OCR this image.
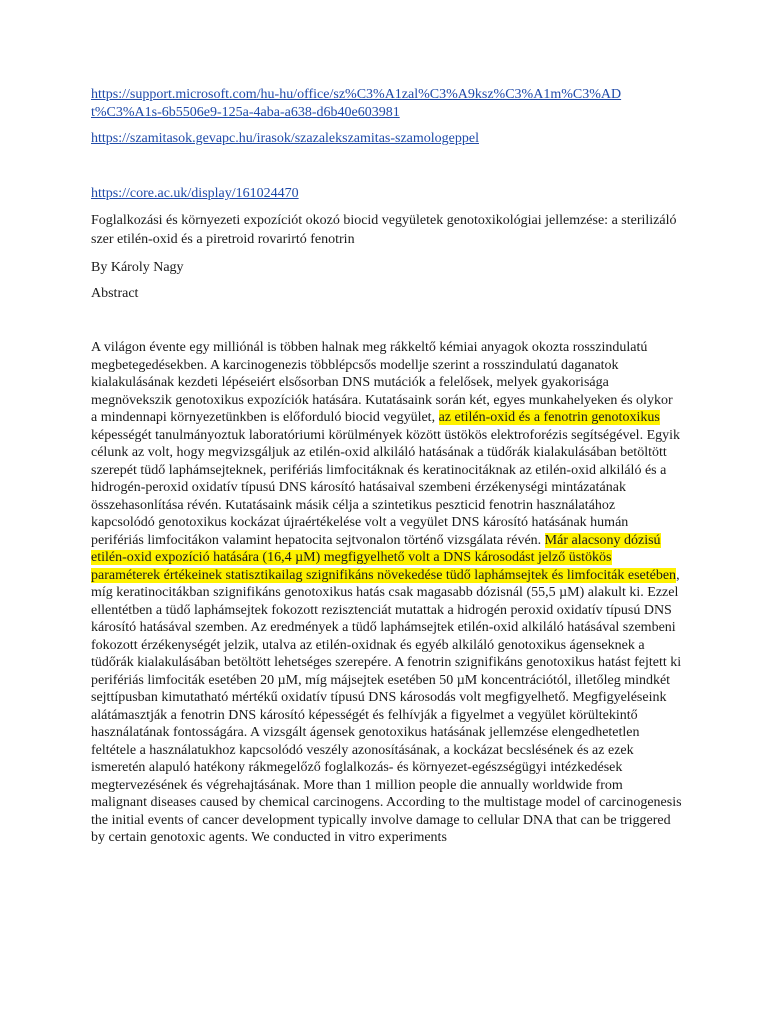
https://support.microsoft.com/hu-hu/office/sz%C3%A1zal%C3%A9ksz%C3%A1m%C3%ADt%C3%A1s-6b5506e9-125a-4aba-a638-d6b40e603981
https://szamitasok.gevapc.hu/irasok/szazalekszamitas-szamologeppel
https://core.ac.uk/display/161024470

Foglalkozási és környezeti expozíciót okozó biocid vegyületek genotoxikológiai jellemzése: a sterilizáló szer etilén-oxid és a piretroid rovarirtó fenotrin

By Károly Nagy

Abstract

A világon évente egy milliónál is többen halnak meg rákkeltő kémiai anyagok okozta rosszindulatú megbetegedésekben. A karcinogenezis többlépcsős modellje szerint a rosszindulatú daganatok kialakulásának kezdeti lépéseiért elsősorban DNS mutációk a felelősek, melyek gyakorisága megnövekszik genotoxikus expozíciók hatására. Kutatásaink során két, egyes munkahelyeken és olykor a mindennapi környezetünkben is előforduló biocid vegyület, az etilén-oxid és a fenotrin genotoxikus képességét tanulmányoztuk laboratóriumi körülmények között üstökös elektroforézis segítségével. Egyik célunk az volt, hogy megvizsgáljuk az etilén-oxid alkiláló hatásának a tüdőrák kialakulásában betöltött szerepét tüdő laphámsejteknek, perifériás limfocitáknak és keratinocitáknak az etilén-oxid alkiláló és a hidrogén-peroxid oxidatív típusú DNS károsító hatásaival szembeni érzékenységi mintázatának összehasonlítása révén. Kutatásaink másik célja a szintetikus peszticid fenotrin használatához kapcsolódó genotoxikus kockázat újraértékelése volt a vegyület DNS károsító hatásának humán perifériás limfocitákon valamint hepatocita sejtvonalon történő vizsgálata révén. Már alacsony dózisú etilén-oxid expozíció hatására (16,4 µM) megfigyelhető volt a DNS károsodást jelző üstökös paraméterek értékeinek statisztikailag szignifikáns növekedése tüdő laphámsejtek és limfociták esetében, míg keratinocitákban szignifikáns genotoxikus hatás csak magasabb dózisnál (55,5 µM) alakult ki. Ezzel ellentétben a tüdő laphámsejtek fokozott rezisztenciát mutattak a hidrogén peroxid oxidatív típusú DNS károsító hatásával szemben. Az eredmények a tüdő laphámsejtek etilén-oxid alkiláló hatásával szembeni fokozott érzékenységét jelzik, utalva az etilén-oxidnak és egyéb alkiláló genotoxikus ágenseknek a tüdőrák kialakulásában betöltött lehetséges szerepére. A fenotrin szignifikáns genotoxikus hatást fejtett ki perifériás limfociták esetében 20 µM, míg májsejtek esetében 50 µM koncentrációtól, illetőleg mindkét sejttípusban kimutatható mértékű oxidatív típusú DNS károsodás volt megfigyelhető. Megfigyeléseink alátámasztják a fenotrin DNS károsító képességét és felhívják a figyelmet a vegyület körültekintő használatának fontosságára. A vizsgált ágensek genotoxikus hatásának jellemzése elengedhetetlen feltétele a használatukhoz kapcsolódó veszély azonosításának, a kockázat becslésének és az ezek ismeretén alapuló hatékony rákmegelőző foglalkozás- és környezet-egészségügyi intézkedések megtervezésének és végrehajtásának. More than 1 million people die annually worldwide from malignant diseases caused by chemical carcinogens. According to the multistage model of carcinogenesis the initial events of cancer development typically involve damage to cellular DNA that can be triggered by certain genotoxic agents. We conducted in vitro experiments
